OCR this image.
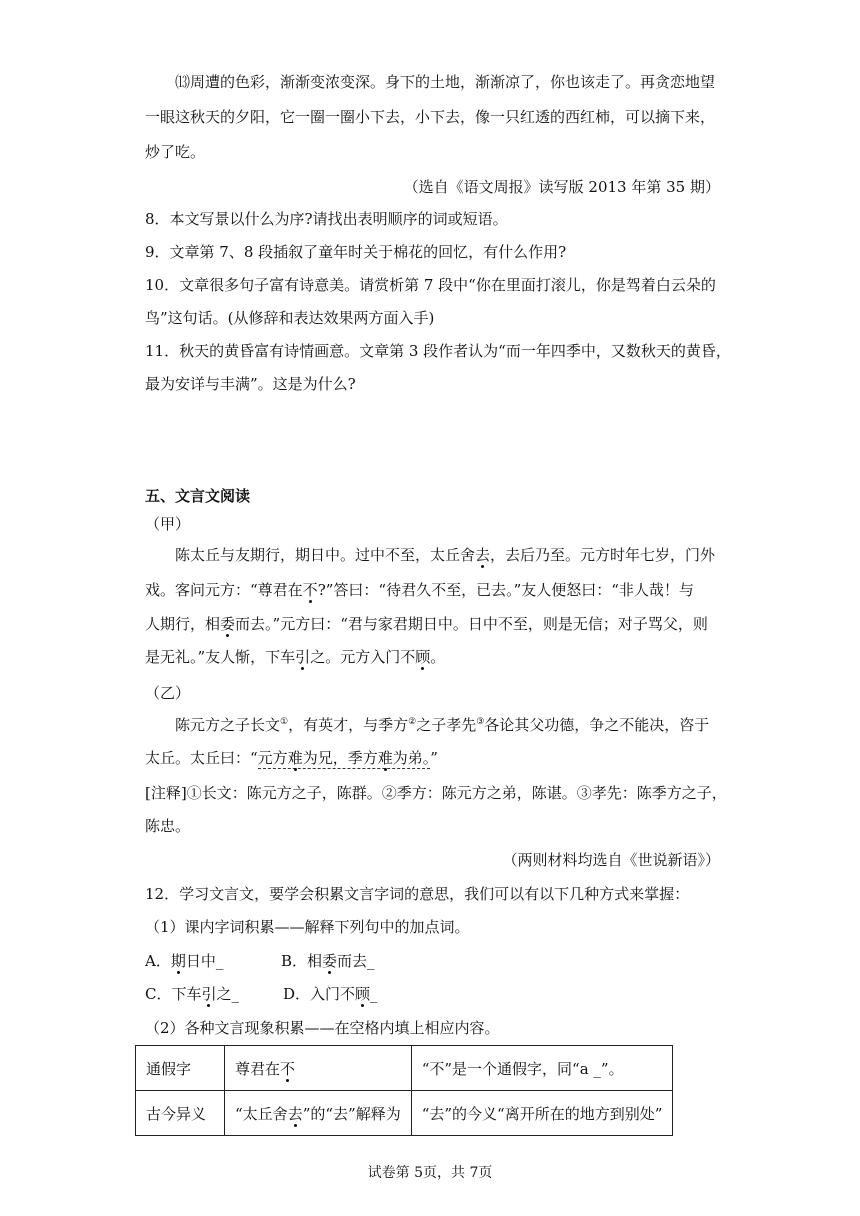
⒀周遭的色彩，渐渐变浓变深。身下的土地，渐渐凉了，你也该走了。再贪恋地望
一眼这秋天的夕阳，它一圈一圈小下去，小下去，像一只红透的西红柿，可以摘下来，
炒了吃。
（选自《语文周报》读写版 2013 年第 35 期）
8．本文写景以什么为序?请找出表明顺序的词或短语。
9．文章第 7、8 段插叙了童年时关于棉花的回忆，有什么作用?
10．文章很多句子富有诗意美。请赏析第 7 段中“你在里面打滚儿，你是驾着白云朵的
鸟”这句话。(从修辞和表达效果两方面入手)
11．秋天的黄昏富有诗情画意。文章第 3 段作者认为“而一年四季中，又数秋天的黄昏，
最为安详与丰满”。这是为什么?
五、文言文阅读
（甲）
陈太丘与友期行，期日中。过中不至，太丘舍去，去后乃至。元方时年七岁，门外
戏。客问元方：“尊君在不?”答曰：“待君久不至，已去。”友人便怒曰：“非人哉！与
人期行，相委而去。”元方曰：“君与家君期日中。日中不至，则是无信；对子骂父，则
是无礼。”友人惭，下车引之。元方入门不顾。
（乙）
陈元方之子长文①，有英才，与季方②之子孝先③各论其父功德，争之不能决，咨于
太丘。太丘曰：“元方难为兄，季方难为弟。”
[注释]①长文：陈元方之子，陈群。②季方：陈元方之弟，陈谌。③孝先：陈季方之子，
陈忠。
（两则材料均选自《世说新语》）
12．学习文言文，要学会积累文言字词的意思，我们可以有以下几种方式来掌握：
（1）课内字词积累——解释下列句中的加点词。
A．期日中_	B．相委而去_
C．下车引之_	D．入门不顾_
（2）各种文言现象积累——在空格内填上相应内容。
通假字	尊君在不	“不”是一个通假字，同“a _”。
古今异义	“太丘舍去”的“去”解释为	“去”的今义“离开所在的地方到别处”
试卷第 5页，共 7页
